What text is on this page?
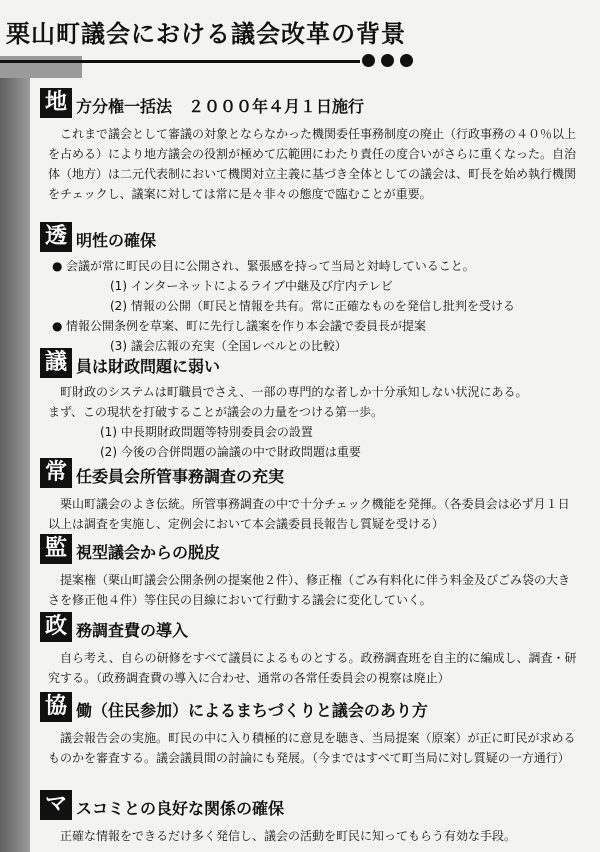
栗山町議会における議会改革の背景
地 方分権一括法　２０００年４月１日施行
これまで議会として審議の対象とならなかった機関委任事務制度の廃止（行政事務の４０％以上を占める）により地方議会の役割が極めて広範囲にわたり責任の度合いがさらに重くなった。自治体（地方）は二元代表制において機関対立主義に基づき全体としての議会は、町長を始め執行機関をチェックし、議案に対しては常に是々非々の態度で臨むことが重要。
透 明性の確保
● 会議が常に町民の目に公開され、緊張感を持って当局と対峙していること。
(1) インターネットによるライブ中継及び庁内テレビ
(2) 情報の公開（町民と情報を共有。常に正確なものを発信し批判を受ける
● 情報公開条例を草案、町に先行し議案を作り本会議で委員長が提案
(3) 議会広報の充実（全国レベルとの比較）
議 員は財政問題に弱い
町財政のシステムは町職員でさえ、一部の専門的な者しか十分承知しない状況にある。
まず、この現状を打破することが議会の力量をつける第一歩。
(1) 中長期財政問題等特別委員会の設置
(2) 今後の合併問題の論議の中で財政問題は重要
常 任委員会所管事務調査の充実
栗山町議会のよき伝統。所管事務調査の中で十分チェック機能を発揮。（各委員会は必ず月１日以上は調査を実施し、定例会において本会議委員長報告し質疑を受ける）
監 視型議会からの脱皮
提案権（栗山町議会公開条例の提案他２件）、修正権（ごみ有料化に伴う料金及びごみ袋の大きさを修正他４件）等住民の目線において行動する議会に変化していく。
政 務調査費の導入
自ら考え、自らの研修をすべて議員によるものとする。政務調査班を自主的に編成し、調査・研究する。（政務調査費の導入に合わせ、通常の各常任委員会の視察は廃止）
協 働（住民参加）によるまちづくりと議会のあり方
議会報告会の実施。町民の中に入り積極的に意見を聴き、当局提案（原案）が正に町民が求めるものかを審査する。議会議員間の討論にも発展。（今まではすべて町当局に対し質疑の一方通行）
マ スコミとの良好な関係の確保
正確な情報をできるだけ多く発信し、議会の活動を町民に知ってもらう有効な手段。
